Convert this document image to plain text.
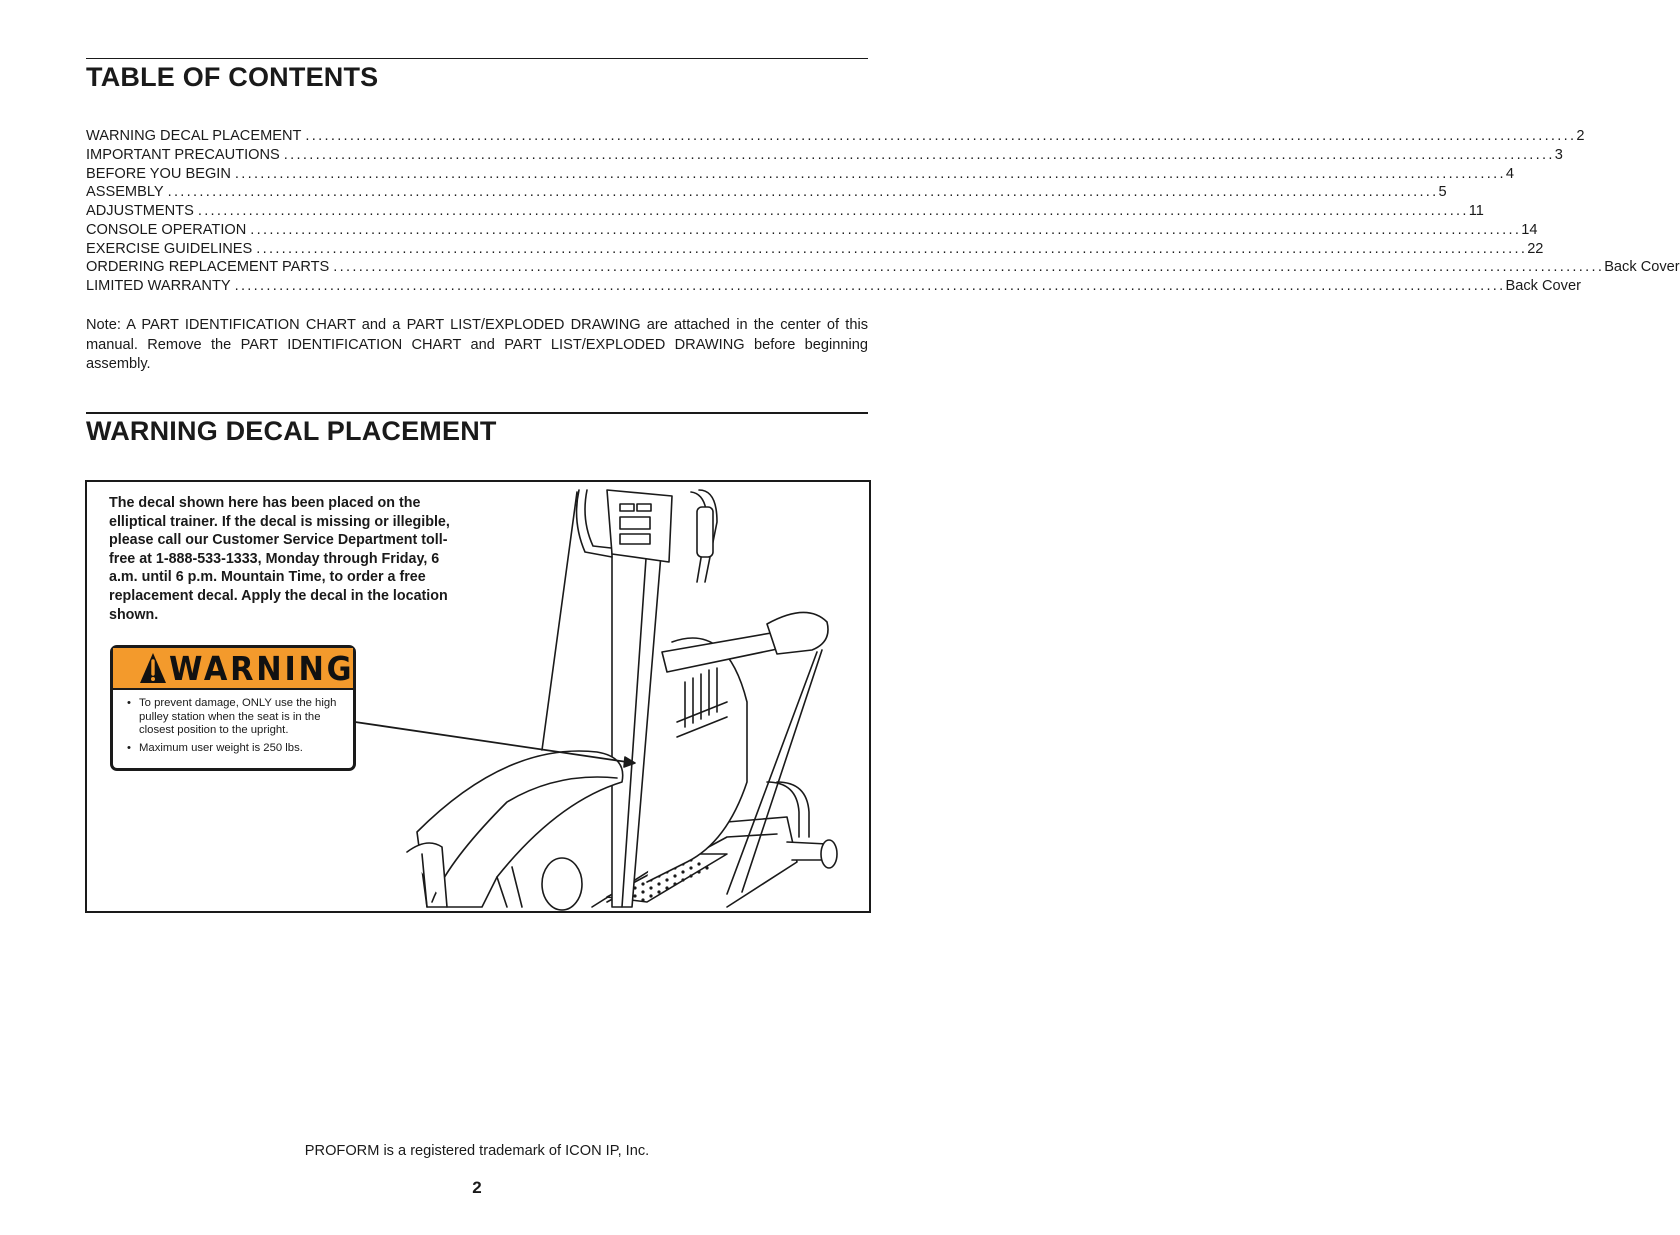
TABLE OF CONTENTS
WARNING DECAL PLACEMENT ........................................................................................................................................................................................................ 2
IMPORTANT PRECAUTIONS ........................................................................................................................................................................................................ 3
BEFORE YOU BEGIN ........................................................................................................................................................................................................ 4
ASSEMBLY ........................................................................................................................................................................................................ 5
ADJUSTMENTS ........................................................................................................................................................................................................ 11
CONSOLE OPERATION ........................................................................................................................................................................................................ 14
EXERCISE GUIDELINES ........................................................................................................................................................................................................ 22
ORDERING REPLACEMENT PARTS ........................................................................................................................................................................................................ Back Cover
LIMITED WARRANTY ........................................................................................................................................................................................................ Back Cover

Note: A PART IDENTIFICATION CHART and a PART LIST/EXPLODED DRAWING are attached in the center of this manual. Remove the PART IDENTIFICATION CHART and PART LIST/EXPLODED DRAWING before beginning assembly.

WARNING DECAL PLACEMENT

The decal shown here has been placed on the elliptical trainer. If the decal is missing or illegible, please call our Customer Service Department toll-free at 1-888-533-1333, Monday through Friday, 6 a.m. until 6 p.m. Mountain Time, to order a free replacement decal. Apply the decal in the location shown.

WARNING
• To prevent damage, ONLY use the high pulley station when the seat is in the closest position to the upright.
• Maximum user weight is 250 lbs.
PROFORM is a registered trademark of ICON IP, Inc.
2
